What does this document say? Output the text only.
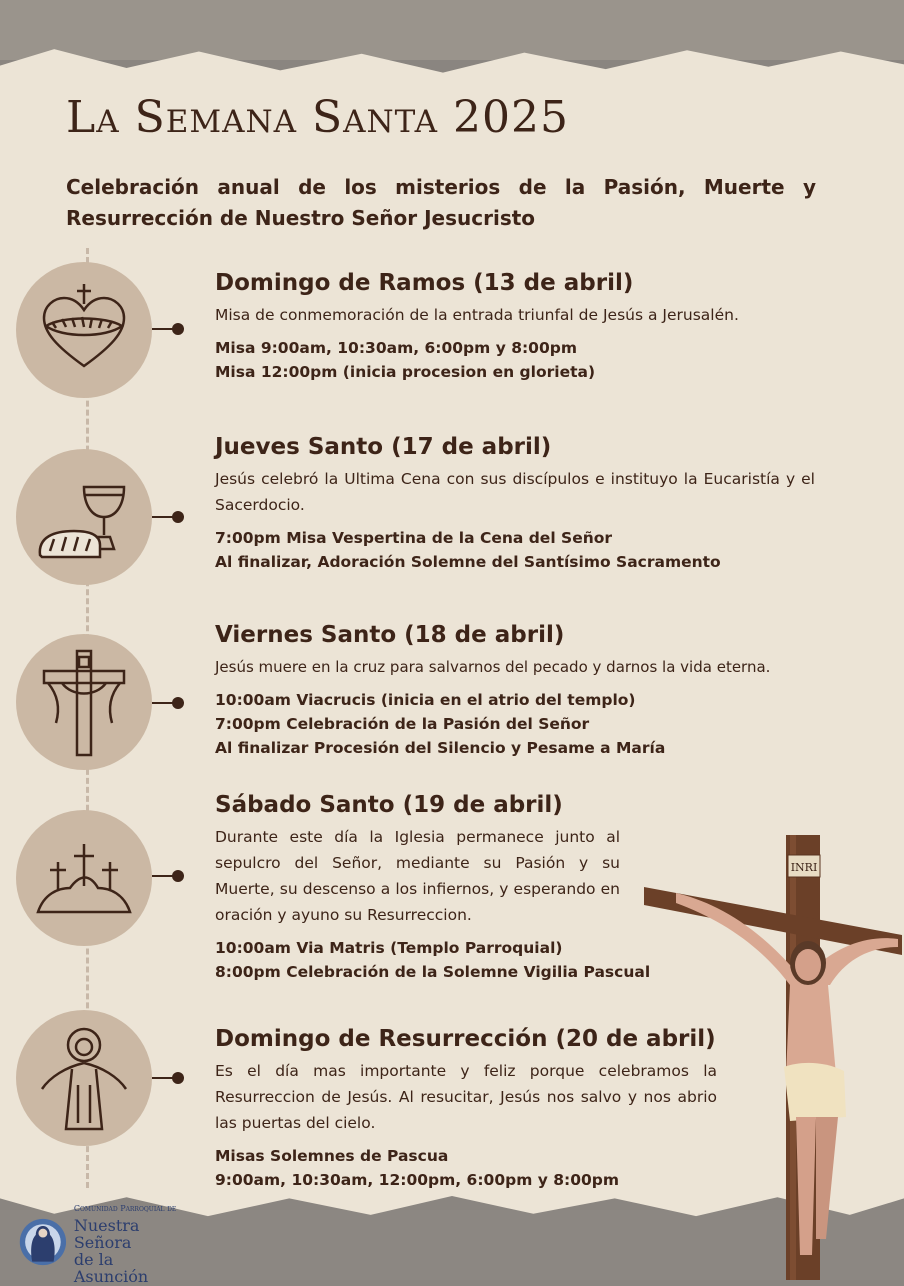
La Semana Santa 2025

Celebración anual de los misterios de la Pasión, Muerte y Resurrección de Nuestro Señor Jesucristo

Domingo de Ramos (13 de abril)

Misa de conmemoración de la entrada triunfal de Jesús a Jerusalén.

Misa 9:00am, 10:30am, 6:00pm y 8:00pm

Misa 12:00pm (inicia procesion en glorieta)

Jueves Santo (17 de abril)

Jesús celebró la Ultima Cena con sus discípulos e instituyo la Eucaristía y el Sacerdocio.

7:00pm Misa Vespertina de la Cena del Señor

Al finalizar, Adoración Solemne del Santísimo Sacramento

Viernes Santo (18 de abril)

Jesús muere en la cruz para salvarnos del pecado y darnos la vida eterna.

10:00am Viacrucis (inicia en el atrio del templo)

7:00pm Celebración de la Pasión del Señor

Al finalizar Procesión del Silencio y Pesame a María

Sábado Santo (19 de abril)

Durante este día la Iglesia permanece junto al sepulcro del Señor, mediante su Pasión y su Muerte, su descenso a los infiernos, y esperando en oración y ayuno su Resurreccion.

10:00am Via Matris (Templo Parroquial)

8:00pm Celebración de la Solemne Vigilia Pascual

Domingo de Resurrección (20 de abril)

Es el día mas importante y feliz porque celebramos la Resurreccion de Jesús. Al resucitar, Jesús nos salvo y nos abrio las puertas del cielo.

Misas Solemnes de Pascua

9:00am, 10:30am, 12:00pm, 6:00pm y 8:00pm

INRI
Comunidad Parroquial de
Nuestra Señora
de la Asunción
